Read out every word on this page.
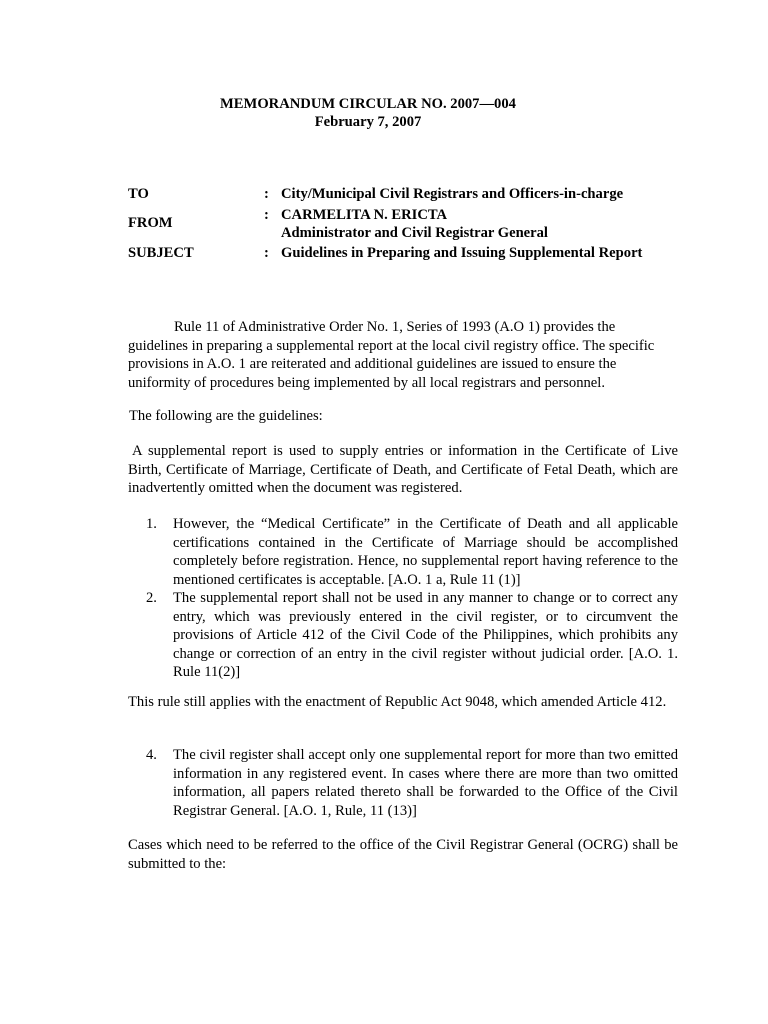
MEMORANDUM CIRCULAR NO. 2007—004
February 7, 2007
TO	: City/Municipal Civil Registrars and Officers-in-charge
FROM	: CARMELITA N. ERICTA
Administrator and Civil Registrar General
SUBJECT	: Guidelines in Preparing and Issuing Supplemental Report
Rule 11 of Administrative Order No. 1, Series of 1993 (A.O 1) provides the guidelines in preparing a supplemental report at the local civil registry office. The specific provisions in A.O. 1 are reiterated and additional guidelines are issued to ensure the uniformity of procedures being implemented by all local registrars and personnel.
The following are the guidelines:
A supplemental report is used to supply entries or information in the Certificate of Live Birth, Certificate of Marriage, Certificate of Death, and Certificate of Fetal Death, which are inadvertently omitted when the document was registered.
1. However, the “Medical Certificate” in the Certificate of Death and all applicable certifications contained in the Certificate of Marriage should be accomplished completely before registration. Hence, no supplemental report having reference to the mentioned certificates is acceptable. [A.O. 1 a, Rule 11 (1)]
2. The supplemental report shall not be used in any manner to change or to correct any entry, which was previously entered in the civil register, or to circumvent the provisions of Article 412 of the Civil Code of the Philippines, which prohibits any change or correction of an entry in the civil register without judicial order. [A.O. 1. Rule 11(2)]
This rule still applies with the enactment of Republic Act 9048, which amended Article 412.
4. The civil register shall accept only one supplemental report for more than two emitted information in any registered event. In cases where there are more than two omitted information, all papers related thereto shall be forwarded to the Office of the Civil Registrar General. [A.O. 1, Rule, 11 (13)]
Cases which need to be referred to the office of the Civil Registrar General (OCRG) shall be submitted to the:
